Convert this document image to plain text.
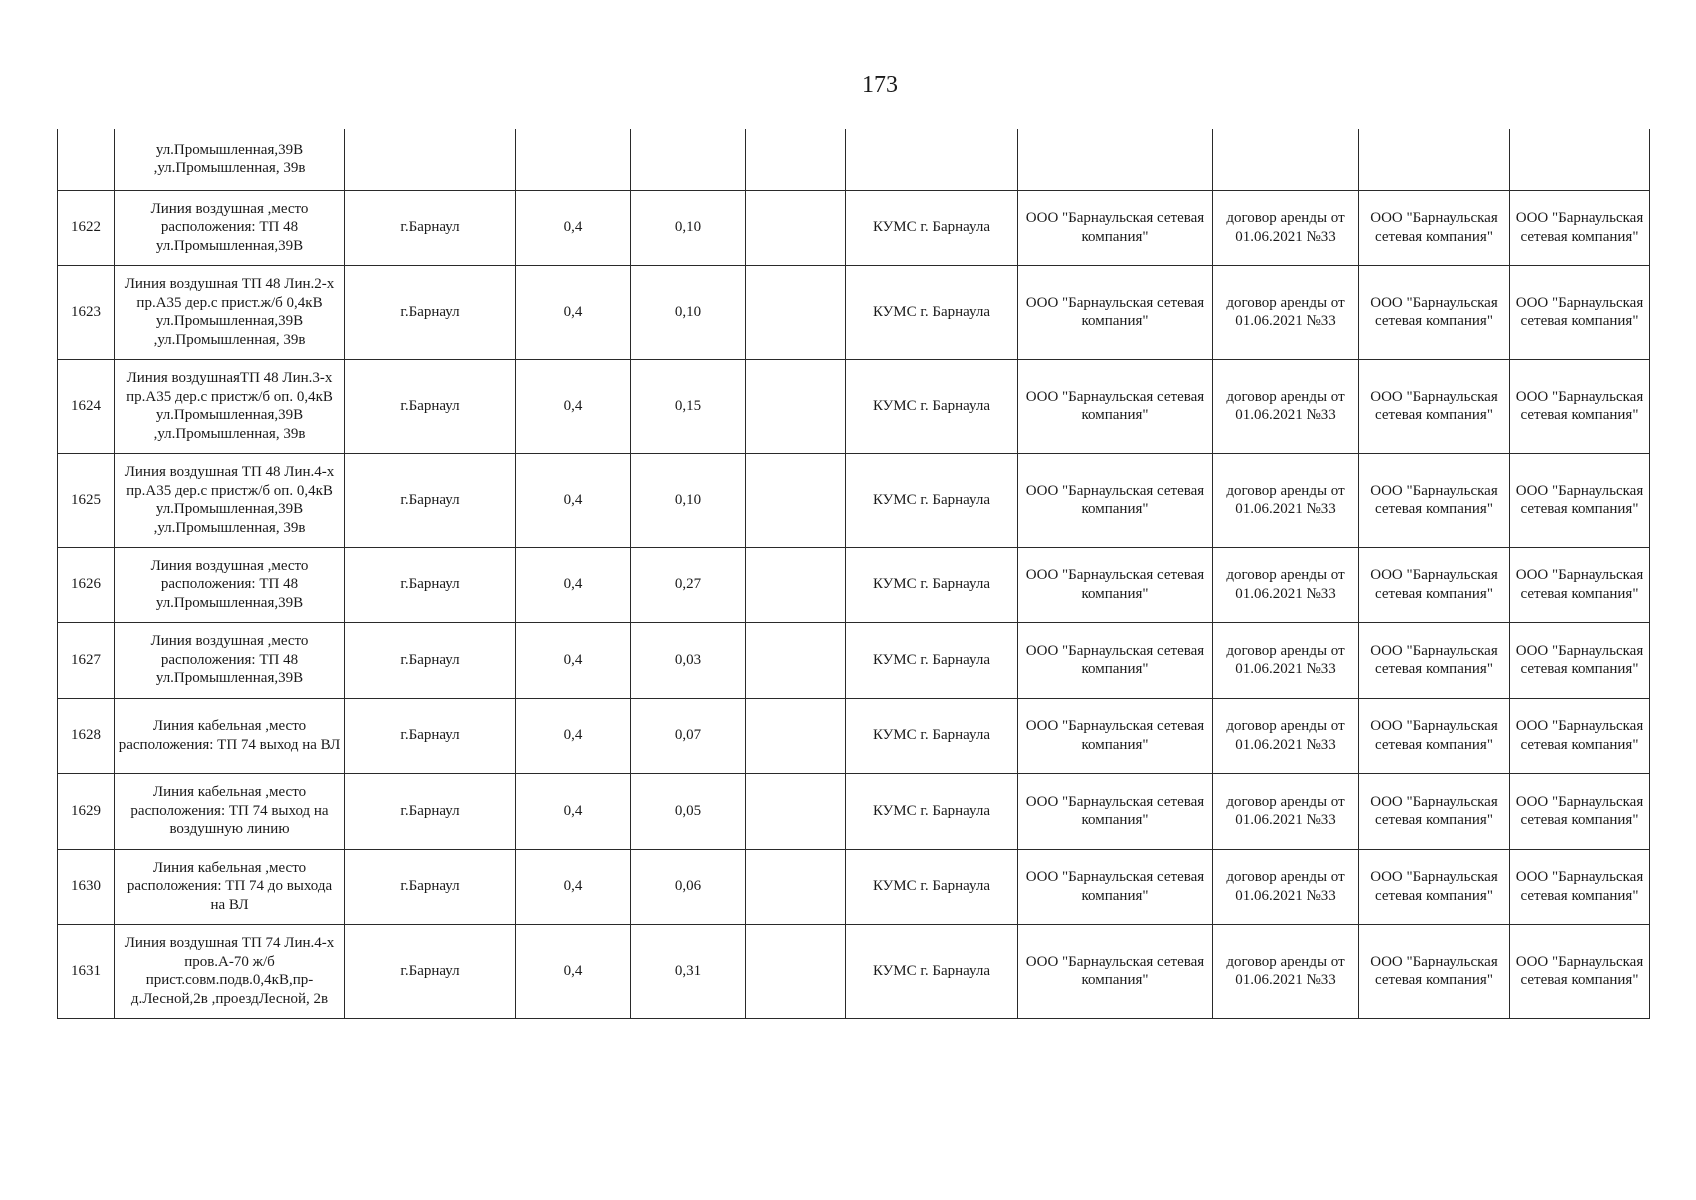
173
	ул.Промышленная,39В ,ул.Промышленная, 39в									
1622	Линия воздушная ,место расположения: ТП 48 ул.Промышленная,39В	г.Барнаул	0,4	0,10		КУМС г. Барнаула	ООО "Барнаульская сетевая компания"	договор аренды от 01.06.2021 №33	ООО "Барнаульская сетевая компания"	ООО "Барнаульская сетевая компания"
1623	Линия воздушная ТП 48 Лин.2-х пр.А35 дер.с прист.ж/б 0,4кВ ул.Промышленная,39В ,ул.Промышленная, 39в	г.Барнаул	0,4	0,10		КУМС г. Барнаула	ООО "Барнаульская сетевая компания"	договор аренды от 01.06.2021 №33	ООО "Барнаульская сетевая компания"	ООО "Барнаульская сетевая компания"
1624	Линия воздушнаяТП 48 Лин.3-х пр.А35 дер.с пристж/б оп. 0,4кВ ул.Промышленная,39В ,ул.Промышленная, 39в	г.Барнаул	0,4	0,15		КУМС г. Барнаула	ООО "Барнаульская сетевая компания"	договор аренды от 01.06.2021 №33	ООО "Барнаульская сетевая компания"	ООО "Барнаульская сетевая компания"
1625	Линия воздушная ТП 48 Лин.4-х пр.А35 дер.с пристж/б оп. 0,4кВ ул.Промышленная,39В ,ул.Промышленная, 39в	г.Барнаул	0,4	0,10		КУМС г. Барнаула	ООО "Барнаульская сетевая компания"	договор аренды от 01.06.2021 №33	ООО "Барнаульская сетевая компания"	ООО "Барнаульская сетевая компания"
1626	Линия воздушная ,место расположения: ТП 48 ул.Промышленная,39В	г.Барнаул	0,4	0,27		КУМС г. Барнаула	ООО "Барнаульская сетевая компания"	договор аренды от 01.06.2021 №33	ООО "Барнаульская сетевая компания"	ООО "Барнаульская сетевая компания"
1627	Линия воздушная ,место расположения: ТП 48 ул.Промышленная,39В	г.Барнаул	0,4	0,03		КУМС г. Барнаула	ООО "Барнаульская сетевая компания"	договор аренды от 01.06.2021 №33	ООО "Барнаульская сетевая компания"	ООО "Барнаульская сетевая компания"
1628	Линия кабельная ,место расположения: ТП 74 выход на ВЛ	г.Барнаул	0,4	0,07		КУМС г. Барнаула	ООО "Барнаульская сетевая компания"	договор аренды от 01.06.2021 №33	ООО "Барнаульская сетевая компания"	ООО "Барнаульская сетевая компания"
1629	Линия кабельная ,место расположения: ТП 74 выход на воздушную линию	г.Барнаул	0,4	0,05		КУМС г. Барнаула	ООО "Барнаульская сетевая компания"	договор аренды от 01.06.2021 №33	ООО "Барнаульская сетевая компания"	ООО "Барнаульская сетевая компания"
1630	Линия кабельная ,место расположения: ТП 74 до выхода на ВЛ	г.Барнаул	0,4	0,06		КУМС г. Барнаула	ООО "Барнаульская сетевая компания"	договор аренды от 01.06.2021 №33	ООО "Барнаульская сетевая компания"	ООО "Барнаульская сетевая компания"
1631	Линия воздушная ТП 74 Лин.4-х пров.А-70 ж/б прист.совм.подв.0,4кВ,пр-д.Лесной,2в ,проездЛесной, 2в	г.Барнаул	0,4	0,31		КУМС г. Барнаула	ООО "Барнаульская сетевая компания"	договор аренды от 01.06.2021 №33	ООО "Барнаульская сетевая компания"	ООО "Барнаульская сетевая компания"
